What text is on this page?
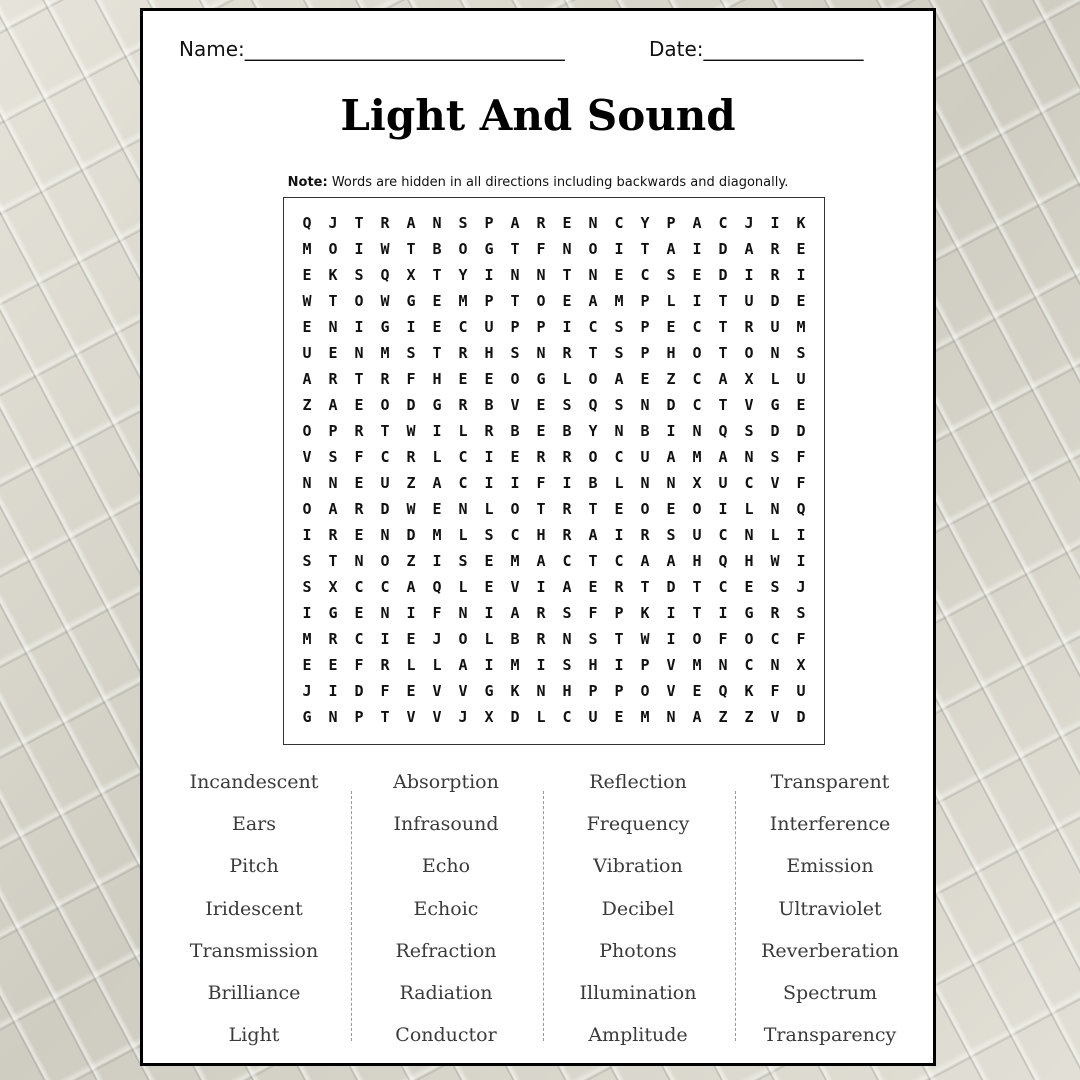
Name:________________________________	Date:________________
Light And Sound
Note: Words are hidden in all directions including backwards and diagonally.
Q	J	T	R	A	N	S	P	A	R	E	N	C	Y	P	A	C	J	I	K
M	O	I	W	T	B	O	G	T	F	N	O	I	T	A	I	D	A	R	E
E	K	S	Q	X	T	Y	I	N	N	T	N	E	C	S	E	D	I	R	I
W	T	O	W	G	E	M	P	T	O	E	A	M	P	L	I	T	U	D	E
E	N	I	G	I	E	C	U	P	P	I	C	S	P	E	C	T	R	U	M
U	E	N	M	S	T	R	H	S	N	R	T	S	P	H	O	T	O	N	S
A	R	T	R	F	H	E	E	O	G	L	O	A	E	Z	C	A	X	L	U
Z	A	E	O	D	G	R	B	V	E	S	Q	S	N	D	C	T	V	G	E
O	P	R	T	W	I	L	R	B	E	B	Y	N	B	I	N	Q	S	D	D
V	S	F	C	R	L	C	I	E	R	R	O	C	U	A	M	A	N	S	F
N	N	E	U	Z	A	C	I	I	F	I	B	L	N	N	X	U	C	V	F
O	A	R	D	W	E	N	L	O	T	R	T	E	O	E	O	I	L	N	Q
I	R	E	N	D	M	L	S	C	H	R	A	I	R	S	U	C	N	L	I
S	T	N	O	Z	I	S	E	M	A	C	T	C	A	A	H	Q	H	W	I
S	X	C	C	A	Q	L	E	V	I	A	E	R	T	D	T	C	E	S	J
I	G	E	N	I	F	N	I	A	R	S	F	P	K	I	T	I	G	R	S
M	R	C	I	E	J	O	L	B	R	N	S	T	W	I	O	F	O	C	F
E	E	F	R	L	L	A	I	M	I	S	H	I	P	V	M	N	C	N	X
J	I	D	F	E	V	V	G	K	N	H	P	P	O	V	E	Q	K	F	U
G	N	P	T	V	V	J	X	D	L	C	U	E	M	N	A	Z	Z	V	D
Incandescent
Ears
Pitch
Iridescent
Transmission
Brilliance
Light
Absorption
Infrasound
Echo
Echoic
Refraction
Radiation
Conductor
Reflection
Frequency
Vibration
Decibel
Photons
Illumination
Amplitude
Transparent
Interference
Emission
Ultraviolet
Reverberation
Spectrum
Transparency
